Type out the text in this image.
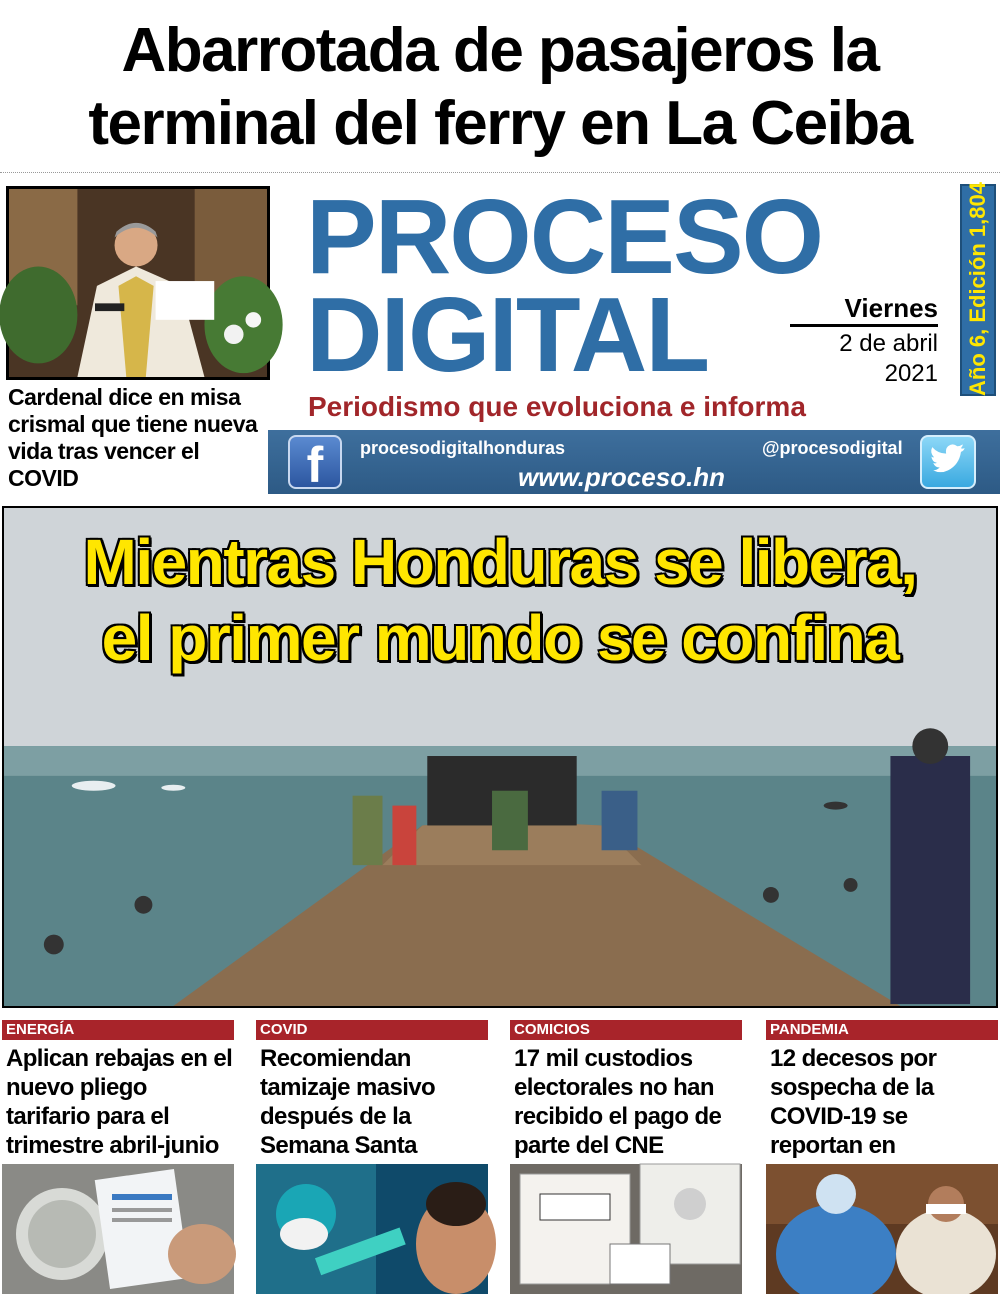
Abarrotada de pasajeros la
terminal del ferry en La Ceiba
Cardenal dice en misa crismal que tiene nueva vida tras vencer el COVID
PROCESO
DIGITAL	Viernes
2 de abril
2021
Periodismo que evoluciona e informa
Año 6, Edición 1,804
f	procesodigitalhonduras	@procesodigital
www.proceso.hn
Mientras Honduras se libera,
el primer mundo se confina
ENERGÍA
Aplican rebajas en el nuevo pliego tarifario para el trimestre abril-junio
COVID
Recomiendan tamizaje masivo después de la Semana Santa
COMICIOS
17 mil custodios electorales no han recibido el pago de parte del CNE
PANDEMIA
12 decesos por sospecha de la COVID-19 se reportan en
